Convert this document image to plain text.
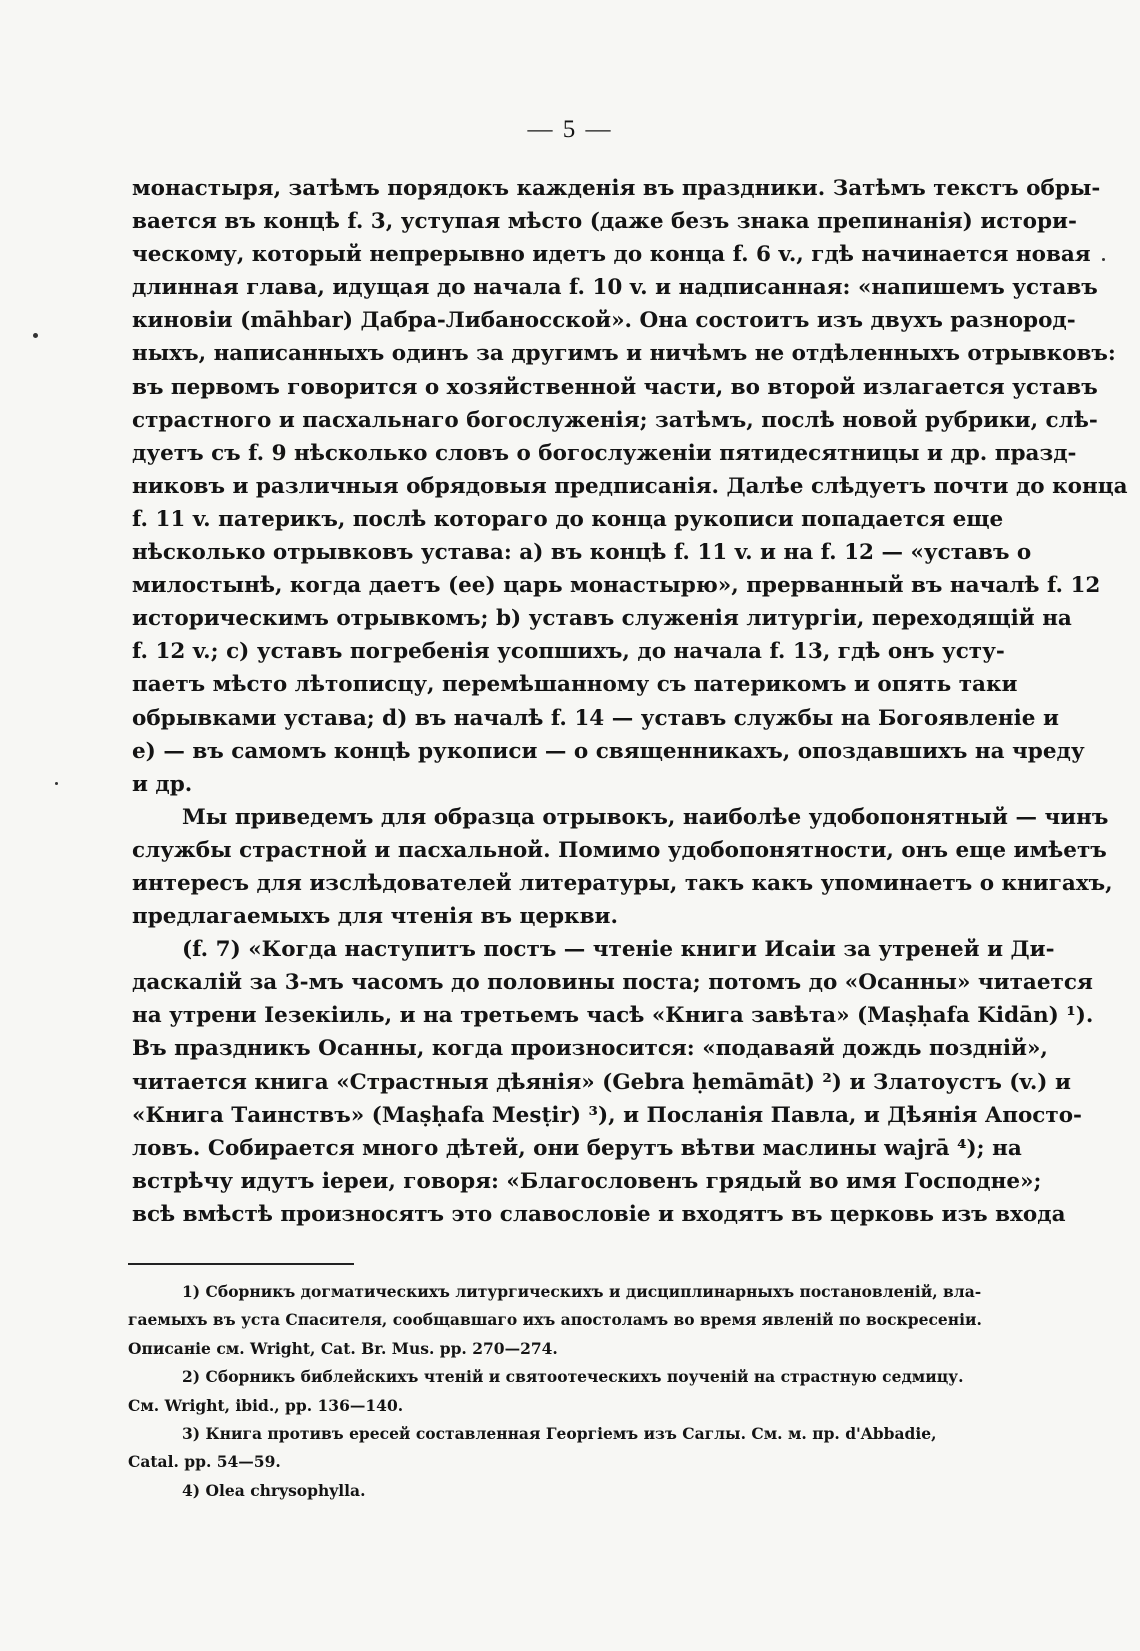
— 5 —
монастыря, затѣмъ порядокъ кажденія въ праздники. Затѣмъ текстъ обры-
вается въ концѣ f. 3, уступая мѣсто (даже безъ знака препинанія) истори-
ческому, который непрерывно идетъ до конца f. 6 v., гдѣ начинается новая
длинная глава, идущая до начала f. 10 v. и надписанная: «напишемъ уставъ
киновіи (māhbar) Дабра-Либаносской». Она состоитъ изъ двухъ разнород-
ныхъ, написанныхъ одинъ за другимъ и ничѣмъ не отдѣленныхъ отрывковъ:
въ первомъ говорится о хозяйственной части, во второй излагается уставъ
страстного и пасхальнаго богослуженія; затѣмъ, послѣ новой рубрики, слѣ-
дуетъ съ f. 9 нѣсколько словъ о богослуженіи пятидесятницы и др. празд-
никовъ и различныя обрядовыя предписанія. Далѣе слѣдуетъ почти до конца
f. 11 v. патерикъ, послѣ котораго до конца рукописи попадается еще
нѣсколько отрывковъ устава: a) въ концѣ f. 11 v. и на f. 12 — «уставъ о
милостынѣ, когда даетъ (ее) царь монастырю», прерванный въ началѣ f. 12
историческимъ отрывкомъ; b) уставъ служенія литургіи, переходящій на
f. 12 v.; c) уставъ погребенія усопшихъ, до начала f. 13, гдѣ онъ усту-
паетъ мѣсто лѣтописцу, перемѣшанному съ патерикомъ и опять таки
обрывками устава; d) въ началѣ f. 14 — уставъ службы на Богоявленіе и
e) — въ самомъ концѣ рукописи — о священникахъ, опоздавшихъ на чреду
и др.
Мы приведемъ для образца отрывокъ, наиболѣе удобопонятный — чинъ
службы страстной и пасхальной. Помимо удобопонятности, онъ еще имѣетъ
интересъ для изслѣдователей литературы, такъ какъ упоминаетъ о книгахъ,
предлагаемыхъ для чтенія въ церкви.
(f. 7) «Когда наступитъ постъ — чтеніе книги Исаіи за утреней и Ди-
даскалій за 3-мъ часомъ до половины поста; потомъ до «Осанны» читается
на утрени Іезекіиль, и на третьемъ часѣ «Книга завѣта» (Maṣḥafa Kidān) ¹).
Въ праздникъ Осанны, когда произносится: «подаваяй дождь поздній»,
читается книга «Страстныя дѣянія» (Gebra ḥemāmāt) ²) и Златоустъ (v.) и
«Книга Таинствъ» (Maṣḥafa Mesṭir) ³), и Посланія Павла, и Дѣянія Апосто-
ловъ. Собирается много дѣтей, они берутъ вѣтви маслины wajrā ⁴); на
встрѣчу идутъ іереи, говоря: «Благословенъ грядый во имя Господне»;
всѣ вмѣстѣ произносятъ это славословіе и входятъ въ церковь изъ входа
1) Сборникъ догматическихъ литургическихъ и дисциплинарныхъ постановленій, вла-
гаемыхъ въ уста Спасителя, сообщавшаго ихъ апостоламъ во время явленій по воскресеніи.
Описаніе см. Wright, Cat. Br. Mus. pp. 270—274.
2) Сборникъ библейскихъ чтеній и святоотеческихъ поученій на страстную седмицу.
См. Wright, ibid., pp. 136—140.
3) Книга противъ ересей составленная Георгіемъ изъ Саглы. См. м. пр. d'Abbadie,
Catal. pp. 54—59.
4) Olea chrysophylla.
